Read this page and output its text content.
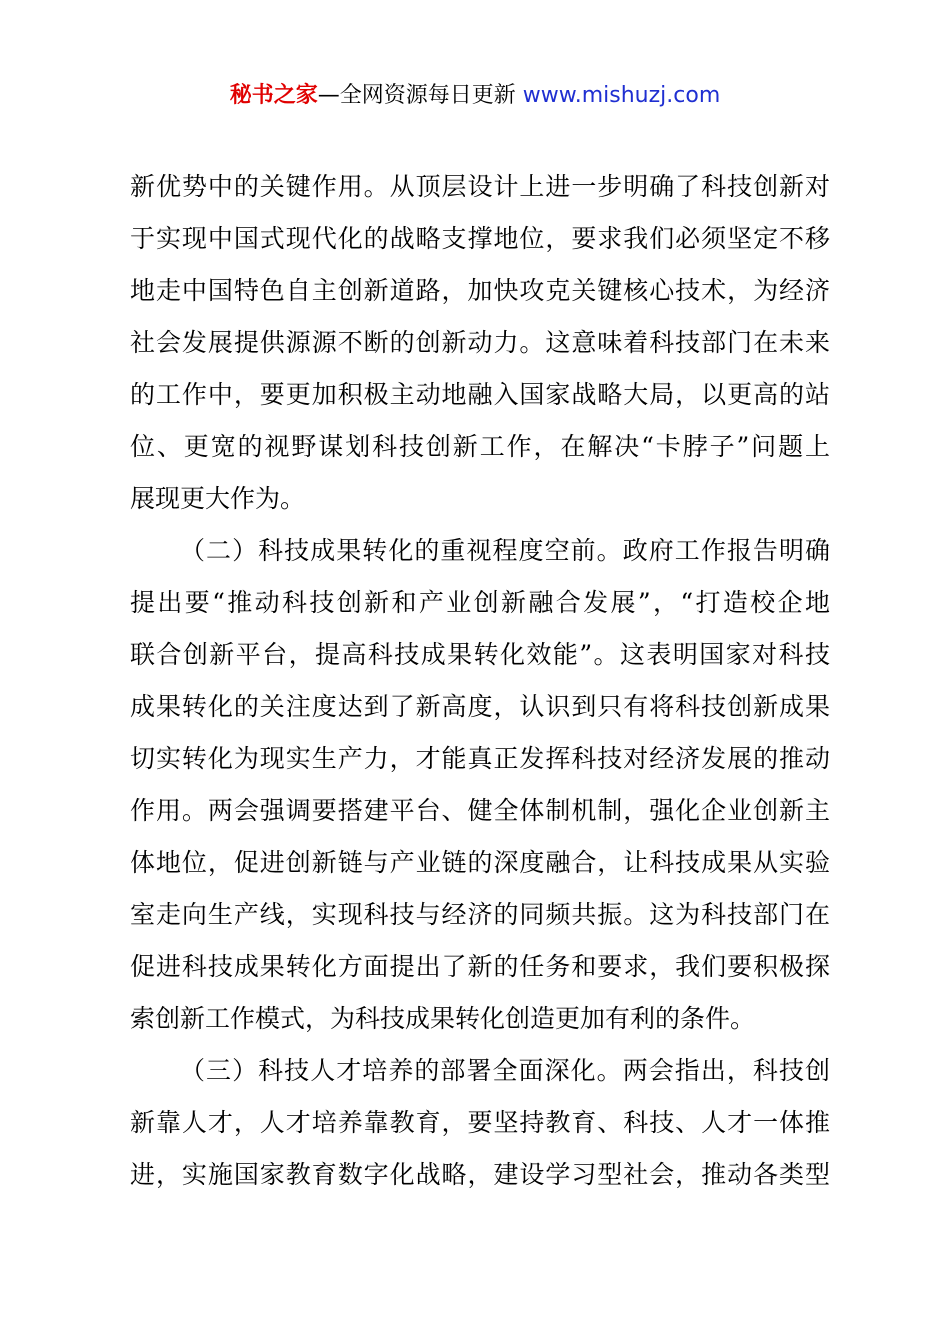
秘书之家—全网资源每日更新 www.mishuzj.com
新优势中的关键作用。从顶层设计上进一步明确了科技创新对
于实现中国式现代化的战略支撑地位，要求我们必须坚定不移
地走中国特色自主创新道路，加快攻克关键核心技术，为经济
社会发展提供源源不断的创新动力。这意味着科技部门在未来
的工作中，要更加积极主动地融入国家战略大局，以更高的站
位、更宽的视野谋划科技创新工作，在解决“卡脖子”问题上
展现更大作为。
（二）科技成果转化的重视程度空前。政府工作报告明确
提出要“推动科技创新和产业创新融合发展”，“打造校企地
联合创新平台，提高科技成果转化效能”。这表明国家对科技
成果转化的关注度达到了新高度，认识到只有将科技创新成果
切实转化为现实生产力，才能真正发挥科技对经济发展的推动
作用。两会强调要搭建平台、健全体制机制，强化企业创新主
体地位，促进创新链与产业链的深度融合，让科技成果从实验
室走向生产线，实现科技与经济的同频共振。这为科技部门在
促进科技成果转化方面提出了新的任务和要求，我们要积极探
索创新工作模式，为科技成果转化创造更加有利的条件。
（三）科技人才培养的部署全面深化。两会指出，科技创
新靠人才，人才培养靠教育，要坚持教育、科技、人才一体推
进，实施国家教育数字化战略，建设学习型社会，推动各类型
